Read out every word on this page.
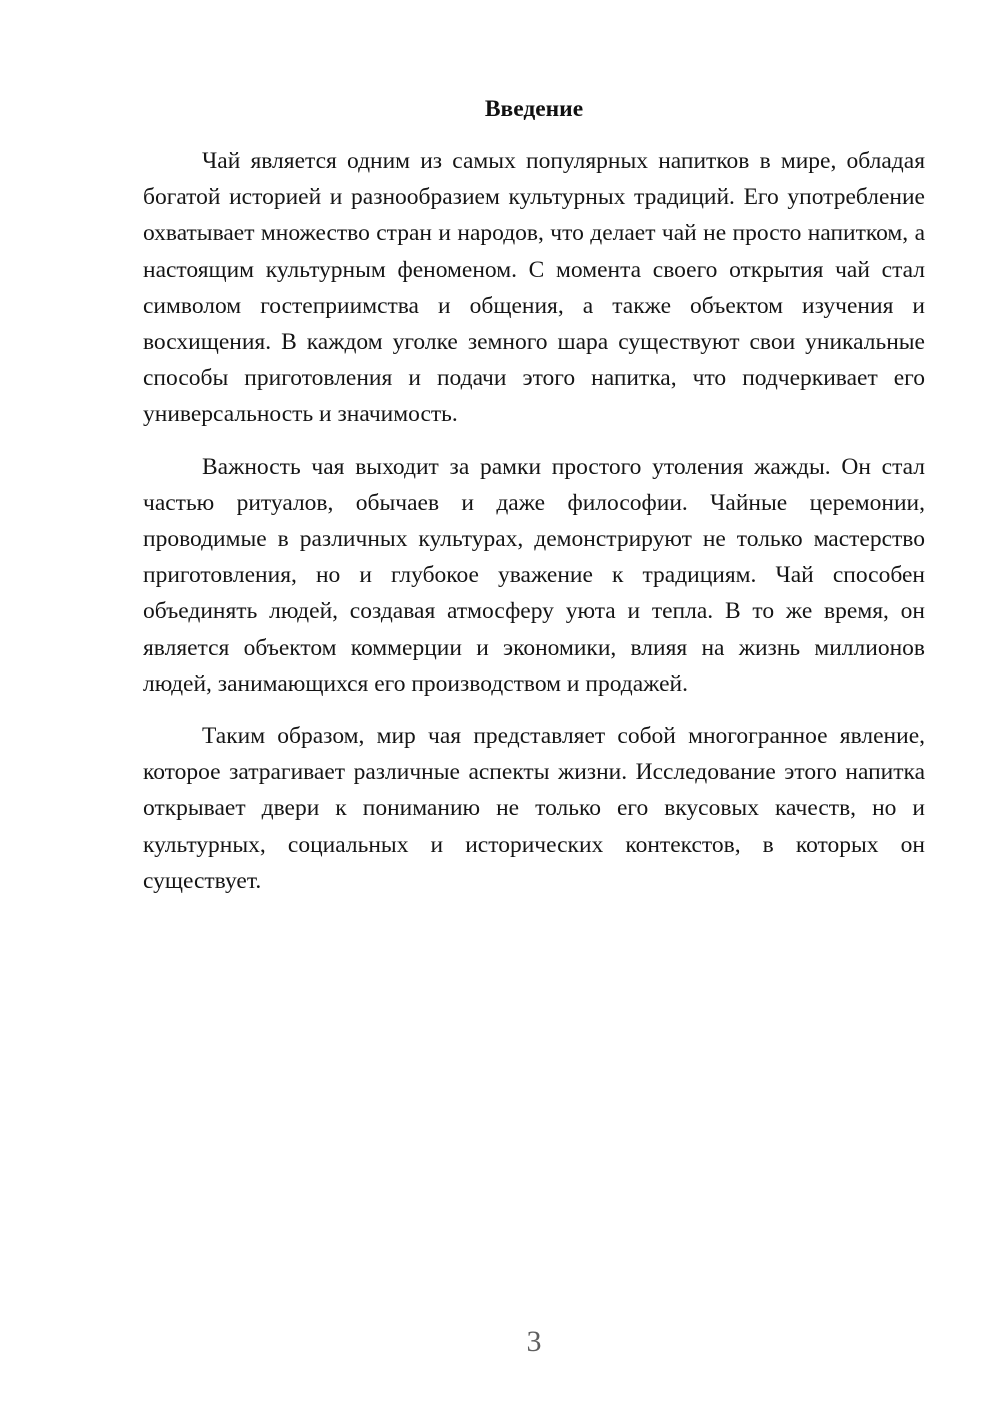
Введение

Чай является одним из самых популярных напитков в мире, обладая богатой историей и разнообразием культурных традиций. Его употребление охватывает множество стран и народов, что делает чай не просто напитком, а настоящим культурным феноменом. С момента своего открытия чай стал символом гостеприимства и общения, а также объектом изучения и восхищения. В каждом уголке земного шара существуют свои уникальные способы приготовления и подачи этого напитка, что подчеркивает его универсальность и значимость.

Важность чая выходит за рамки простого утоления жажды. Он стал частью ритуалов, обычаев и даже философии. Чайные церемонии, проводимые в различных культурах, демонстрируют не только мастерство приготовления, но и глубокое уважение к традициям. Чай способен объединять людей, создавая атмосферу уюта и тепла. В то же время, он является объектом коммерции и экономики, влияя на жизнь миллионов людей, занимающихся его производством и продажей.

Таким образом, мир чая представляет собой многогранное явление, которое затрагивает различные аспекты жизни. Исследование этого напитка открывает двери к пониманию не только его вкусовых качеств, но и культурных, социальных и исторических контекстов, в которых он существует.

3
